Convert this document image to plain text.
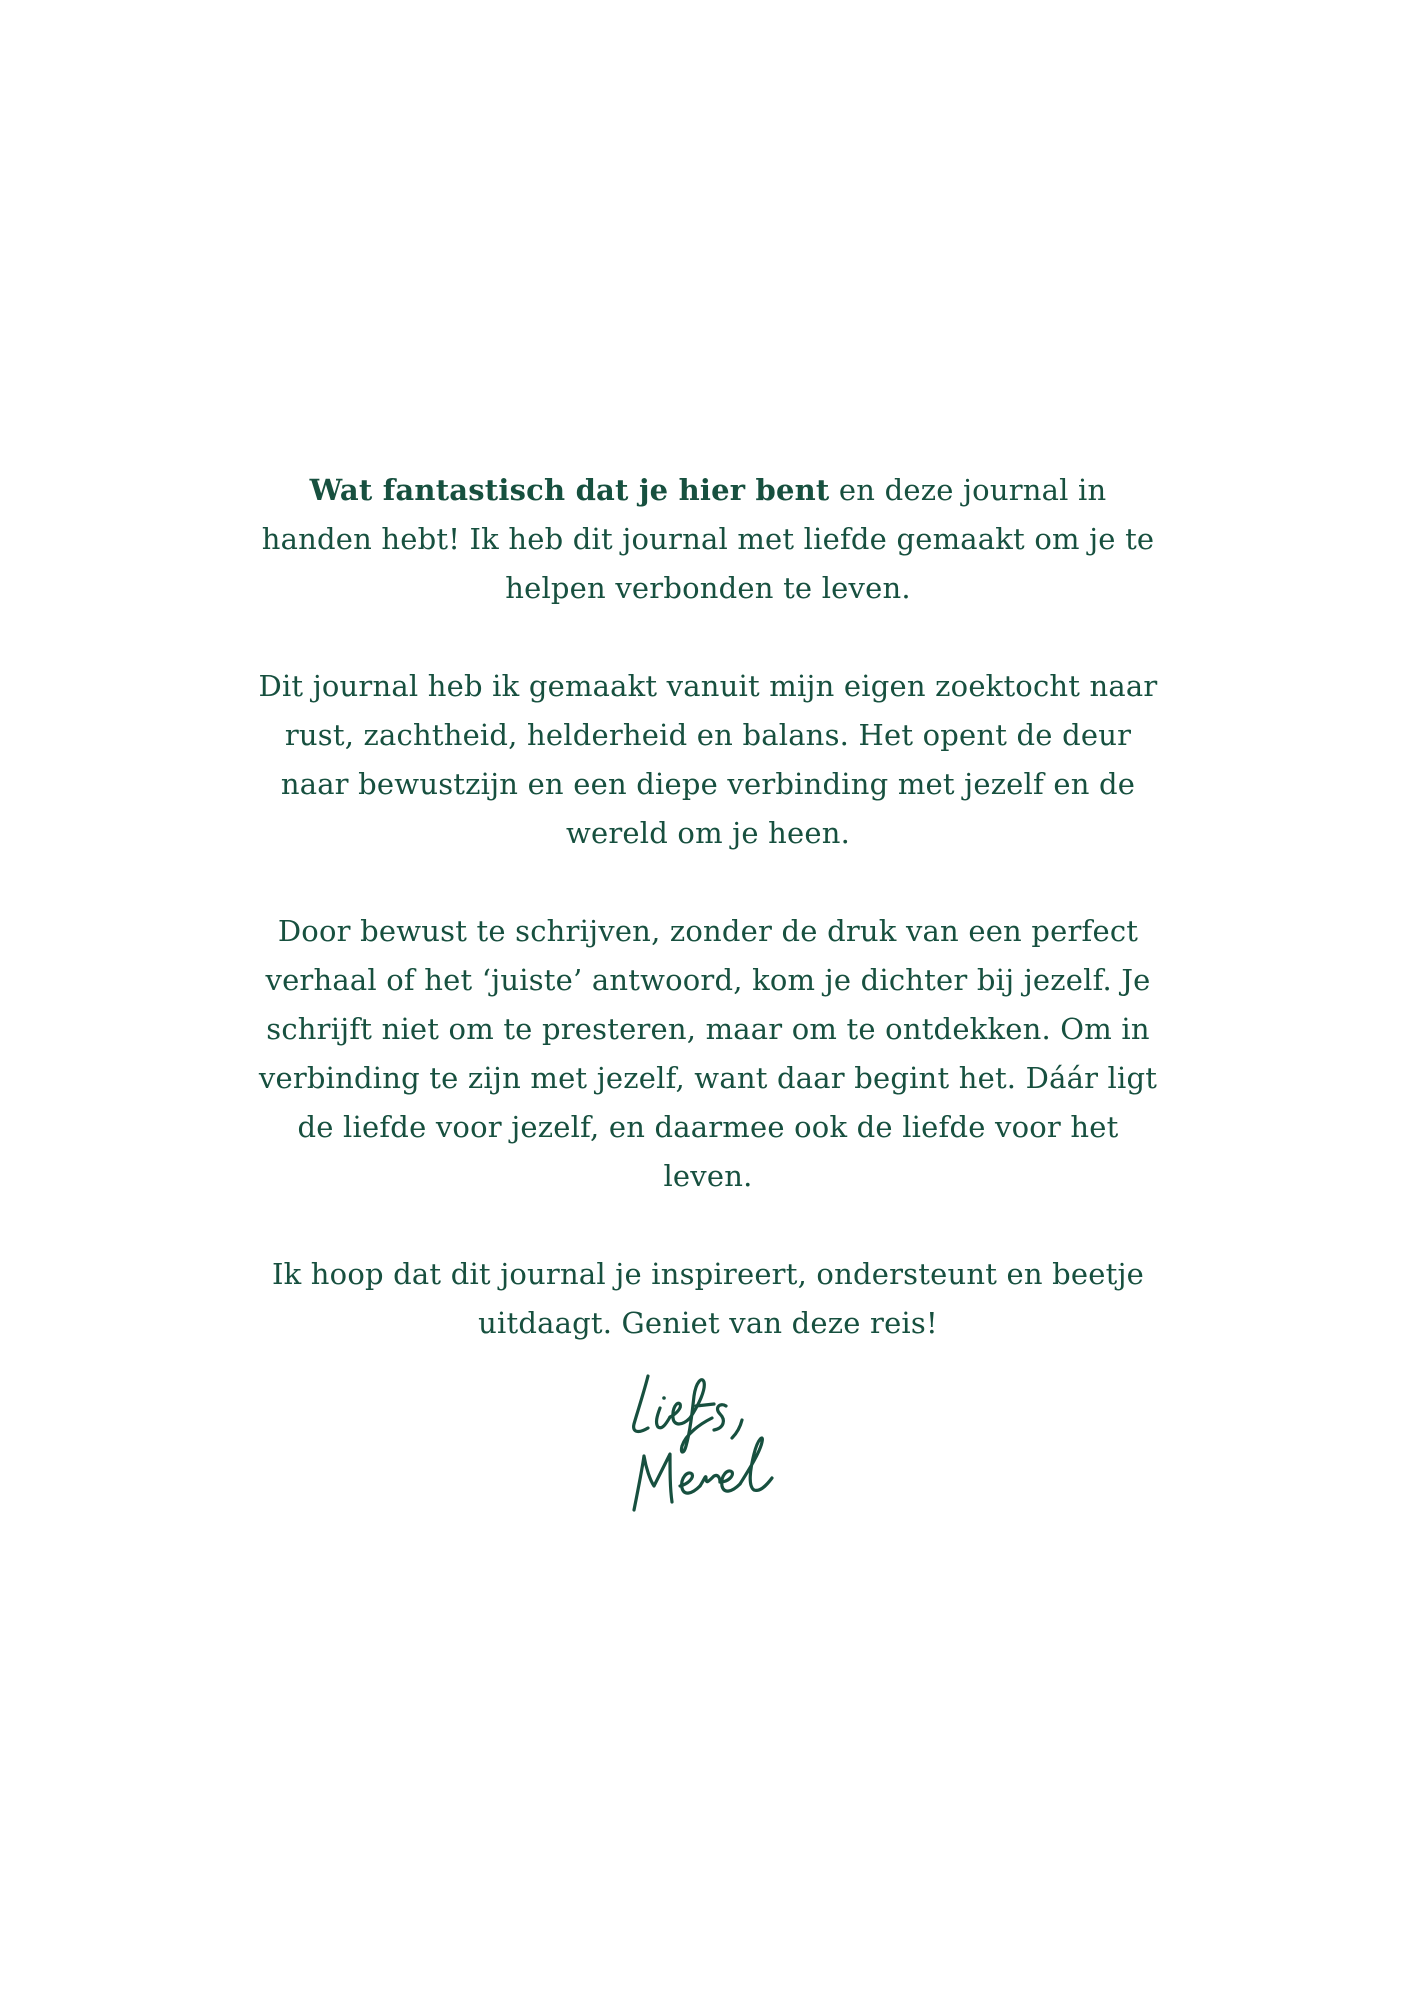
Wat fantastisch dat je hier bent en deze journal in handen hebt! Ik heb dit journal met liefde gemaakt om je te helpen verbonden te leven.

Dit journal heb ik gemaakt vanuit mijn eigen zoektocht naar rust, zachtheid, helderheid en balans. Het opent de deur naar bewustzijn en een diepe verbinding met jezelf en de wereld om je heen.

Door bewust te schrijven, zonder de druk van een perfect verhaal of het ‘juiste’ antwoord, kom je dichter bij jezelf. Je schrijft niet om te presteren, maar om te ontdekken. Om in verbinding te zijn met jezelf, want daar begint het. Dáár ligt de liefde voor jezelf, en daarmee ook de liefde voor het leven.

Ik hoop dat dit journal je inspireert, ondersteunt en beetje uitdaagt. Geniet van deze reis!
